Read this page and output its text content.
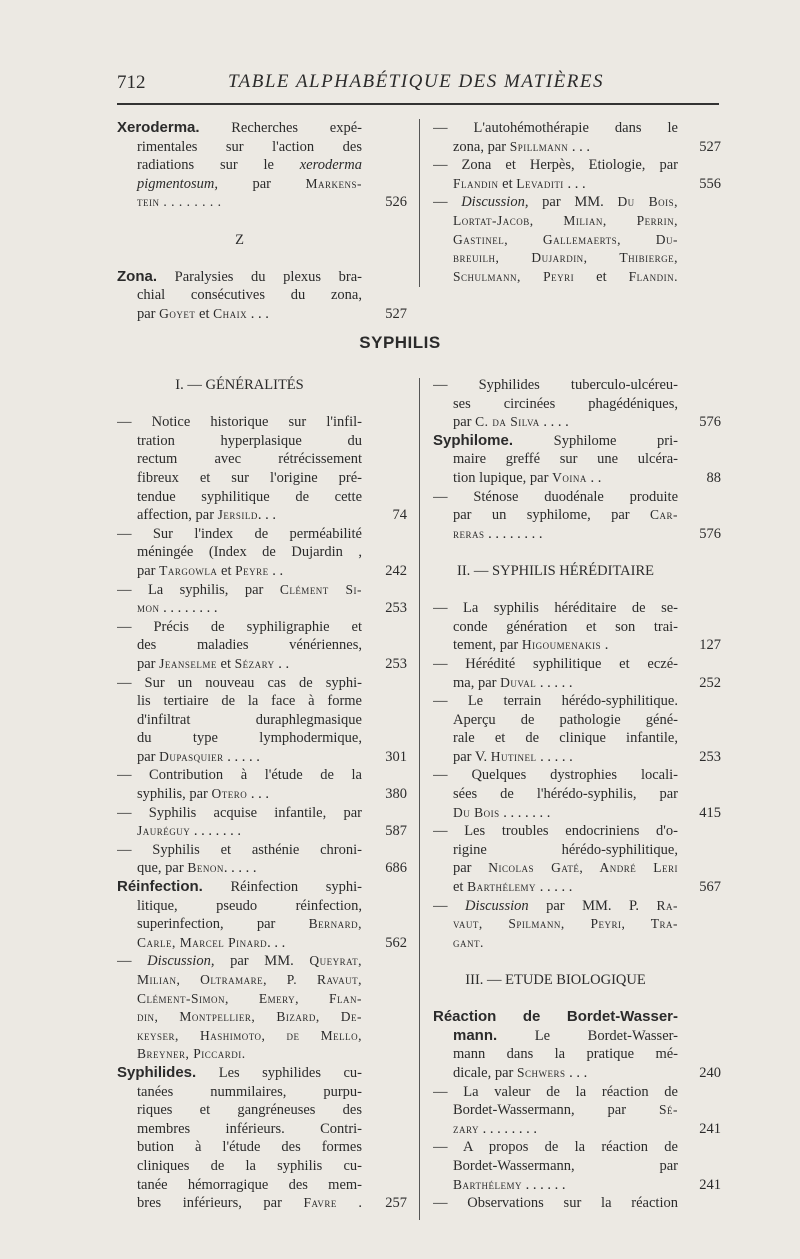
712	TABLE ALPHABÉTIQUE DES MATIÈRES
Xeroderma. Recherches expé-
rimentales sur l'action des
radiations sur le xeroderma
pigmentosum, par Markens-
tein . . . . . . . .
Z
Zona. Paralysies du plexus bra-
chial consécutives du zona,
par Goyet et Chaix . . .
526
527
— L'autohémothérapie dans le
zona, par Spillmann . . .
— Zona et Herpès, Etiologie, par
Flandin et Levaditi . . .
— Discussion, par MM. Du Bois,
Lortat-Jacob, Milian, Perrin,
Gastinel, Gallemaerts, Du-
breuilh, Dujardin, Thibierge,
Schulmann, Peyri et Flandin.
527
556
SYPHILIS
I. — GÉNÉRALITÉS
— Notice historique sur l'infil-
tration hyperplasique du
rectum avec rétrécissement
fibreux et sur l'origine pré-
tendue syphilitique de cette
affection, par Jersild. . .
— Sur l'index de perméabilité
méningée (Index de Dujardin ,
par Targowla et Peyre . .
— La syphilis, par Clément Si-
mon . . . . . . . .
— Précis de syphiligraphie et
des maladies vénériennes,
par Jeanselme et Sézary . .
— Sur un nouveau cas de syphi-
lis tertiaire de la face à forme
d'infiltrat duraphlegmasique
du type lymphodermique,
par Dupasquier . . . . .
— Contribution à l'étude de la
syphilis, par Otero . . .
— Syphilis acquise infantile, par
Jauréguy . . . . . . .
— Syphilis et asthénie chroni-
que, par Benon. . . . .
Réinfection. Réinfection syphi-
litique, pseudo réinfection,
superinfection, par Bernard,
Carle, Marcel Pinard. . .
— Discussion, par MM. Queyrat,
Milian, Oltramare, P. Ravaut,
Clément-Simon, Emery, Flan-
din, Montpellier, Bizard, De-
keyser, Hashimoto, de Mello,
Breyner, Piccardi.
Syphilides. Les syphilides cu-
tanées nummilaires, purpu-
riques et gangréneuses des
membres inférieurs. Contri-
bution à l'étude des formes
cliniques de la syphilis cu-
tanée hémorragique des mem-
bres inférieurs, par Favre .
74
242
253
253
301
380
587
686
562
257
— Syphilides tuberculo-ulcéreu-
ses circinées phagédéniques,
par C. da Silva . . . .
Syphilome. Syphilome pri-
maire greffé sur une ulcéra-
tion lupique, par Voina . .
— Sténose duodénale produite
par un syphilome, par Car-
reras . . . . . . . .
II. — SYPHILIS HÉRÉDITAIRE
— La syphilis héréditaire de se-
conde génération et son trai-
tement, par Higoumenakis .
— Hérédité syphilitique et eczé-
ma, par Duval . . . . .
— Le terrain hérédo-syphilitique.
Aperçu de pathologie géné-
rale et de clinique infantile,
par V. Hutinel . . . . .
— Quelques dystrophies locali-
sées de l'hérédo-syphilis, par
Du Bois . . . . . . .
— Les troubles endocriniens d'o-
rigine hérédo-syphilitique,
par Nicolas Gaté, André Leri
et Barthélemy . . . . .
— Discussion par MM. P. Ra-
vaut, Spilmann, Peyri, Tra-
gant.
III. — ETUDE BIOLOGIQUE
Réaction de Bordet-Wasser-
mann. Le Bordet-Wasser-
mann dans la pratique mé-
dicale, par Schwers . . .
— La valeur de la réaction de
Bordet-Wassermann, par Sé-
zary . . . . . . . .
— A propos de la réaction de
Bordet-Wassermann, par
Barthélemy . . . . . .
— Observations sur la réaction
576
88
576
127
252
253
415
567
240
241
241
